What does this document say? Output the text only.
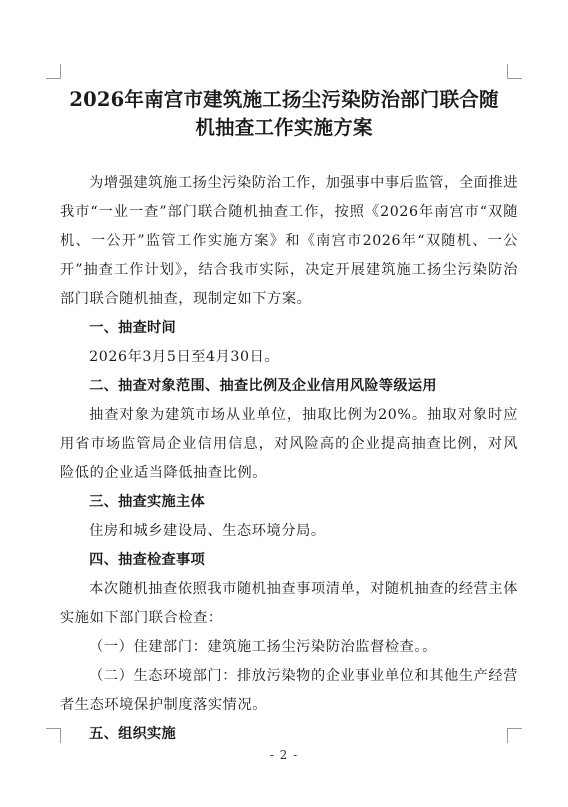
2026年南宫市建筑施工扬尘污染防治部门联合随机抽查工作实施方案

为增强建筑施工扬尘污染防治工作，加强事中事后监管，全面推进我市“一业一查”部门联合随机抽查工作，按照《2026年南宫市“双随机、一公开”监管工作实施方案》和《南宫市2026年“双随机、一公开”抽查工作计划》，结合我市实际，决定开展建筑施工扬尘污染防治部门联合随机抽查，现制定如下方案。

一、抽查时间

2026年3月5日至4月30日。

二、抽查对象范围、抽查比例及企业信用风险等级运用

抽查对象为建筑市场从业单位，抽取比例为20%。抽取对象时应用省市场监管局企业信用信息，对风险高的企业提高抽查比例，对风险低的企业适当降低抽查比例。

三、抽查实施主体

住房和城乡建设局、生态环境分局。

四、抽查检查事项

本次随机抽查依照我市随机抽查事项清单，对随机抽查的经营主体实施如下部门联合检查：

（一）住建部门：建筑施工扬尘污染防治监督检查。。

（二）生态环境部门：排放污染物的企业事业单位和其他生产经营者生态环境保护制度落实情况。

五、组织实施

- 2 -
